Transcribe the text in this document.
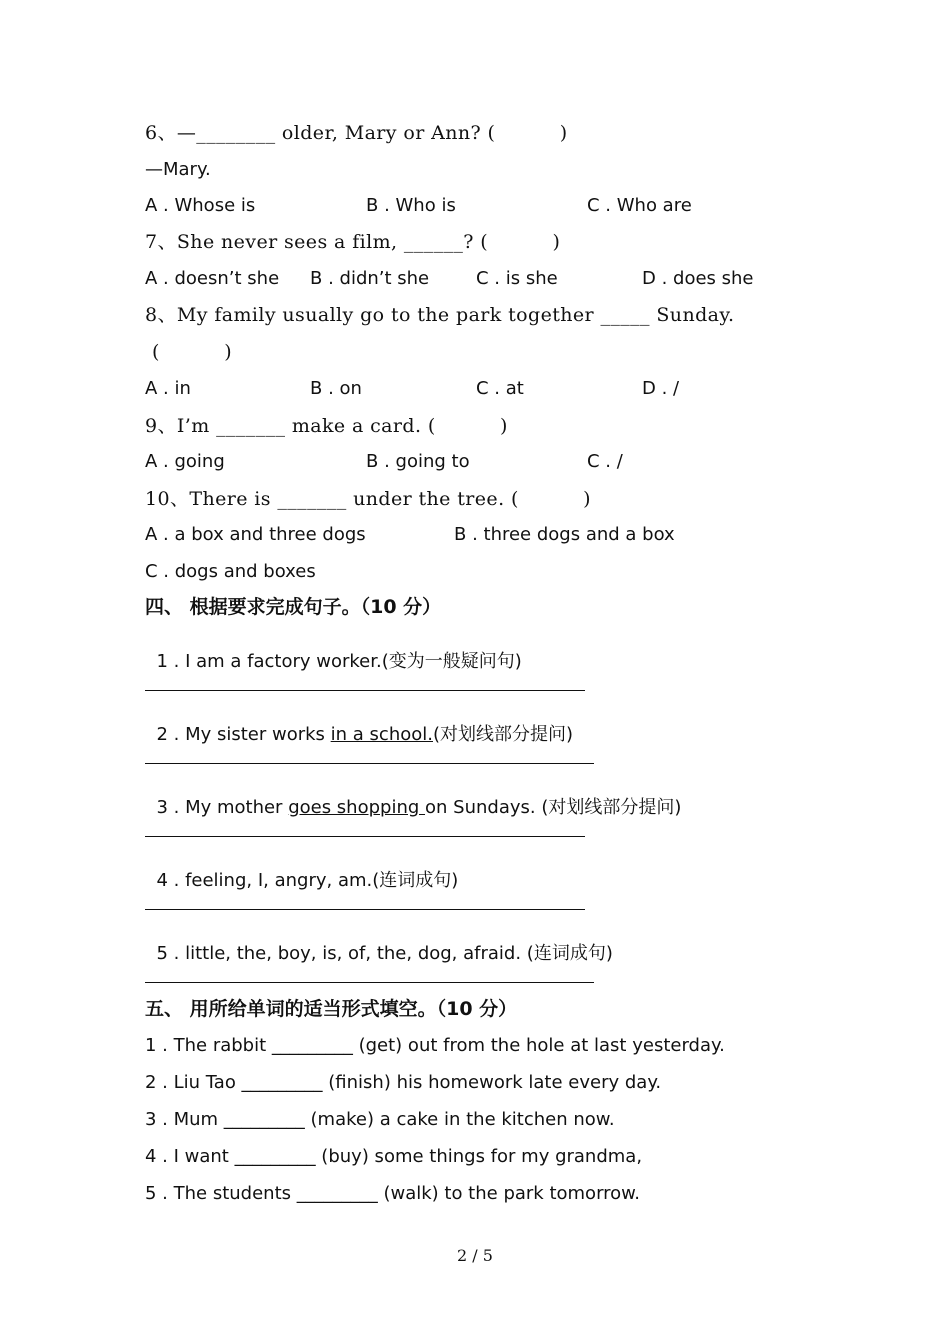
6、—________ older, Mary or Ann? (          )
—Mary.
A . Whose is	B . Who is	C . Who are
7、She never sees a film, ______? (          )
A . doesn’t she B . didn’t she	C . is she	D . does she
8、My family usually go to the park together _____ Sunday.
(          )
A . in	B . on	C . at	D . /
9、I’m _______ make a card. (          )
A . going	B . going to	C . /
10、There is _______ under the tree. (          )
A . a box and three dogs	B . three dogs and a box
C . dogs and boxes
四、 根据要求完成句子。（10 分）

1 . I am a factory worker.(变为一般疑问句)

2 . My sister works in a school.(对划线部分提问)

3 . My mother goes shopping on Sundays. (对划线部分提问)

4 . feeling, I, angry, am.(连词成句)

5 . little, the, boy, is, of, the, dog, afraid. (连词成句)

五、 用所给单词的适当形式填空。（10 分）
1 . The rabbit _________ (get) out from the hole at last yesterday.
2 . Liu Tao _________ (finish) his homework late every day.
3 . Mum _________ (make) a cake in the kitchen now.
4 . I want _________ (buy) some things for my grandma,
5 . The students _________ (walk) to the park tomorrow.
2 / 5
